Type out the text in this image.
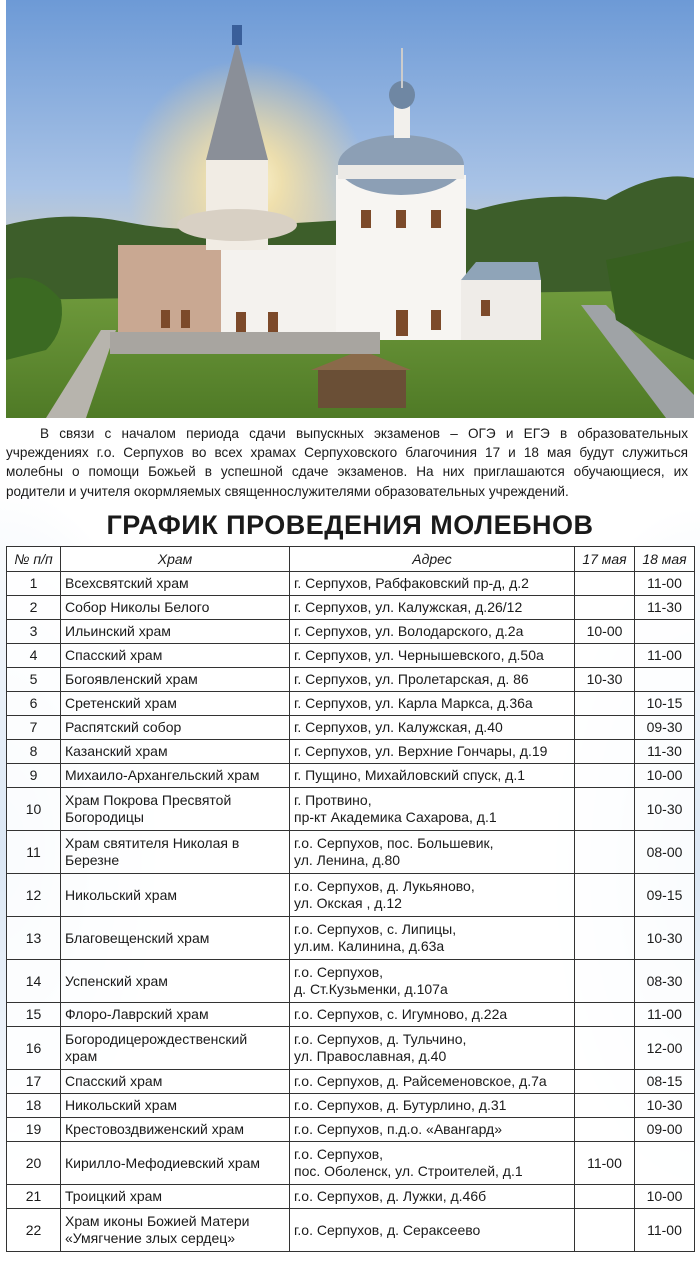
В связи с началом периода сдачи выпускных экзаменов – ОГЭ и ЕГЭ в образовательных учреждениях г.о. Серпухов во всех храмах Серпуховского благочиния 17 и 18 мая будут служиться молебны о помощи Божьей в успешной сдаче экзаменов. На них приглашаются обучающиеся, их родители и учителя окормляемых священнослужителями образовательных учреждений.

ГРАФИК ПРОВЕДЕНИЯ МОЛЕБНОВ
№ п/п	Храм	Адрес	17 мая	18 мая
1	Всехсвятский храм	г. Серпухов, Рабфаковский пр-д, д.2		11-00
2	Собор Николы Белого	г. Серпухов, ул. Калужская, д.26/12		11-30
3	Ильинский храм	г. Серпухов, ул. Володарского, д.2а	10-00	
4	Спасский храм	г. Серпухов, ул. Чернышевского, д.50а		11-00
5	Богоявленский храм	г. Серпухов, ул. Пролетарская, д. 86	10-30	
6	Сретенский храм	г. Серпухов, ул. Карла Маркса, д.36а		10-15
7	Распятский собор	г. Серпухов, ул. Калужская, д.40		09-30
8	Казанский храм	г. Серпухов, ул. Верхние Гончары, д.19		11-30
9	Михаило-Архангельский храм	г. Пущино, Михайловский спуск, д.1		10-00
10	Храм Покрова Пресвятой
Богородицы	г. Протвино,
пр-кт Академика Сахарова, д.1		10-30
11	Храм святителя Николая в
Березне	г.о. Серпухов, пос. Большевик,
ул. Ленина, д.80		08-00
12	Никольский храм	г.о. Серпухов, д. Лукьяново,
ул. Окская , д.12		09-15
13	Благовещенский храм	г.о. Серпухов, с. Липицы,
ул.им. Калинина, д.63а		10-30
14	Успенский храм	г.о. Серпухов,
д. Ст.Кузьменки, д.107а		08-30
15	Флоро-Лаврский храм	г.о. Серпухов, с. Игумново, д.22а		11-00
16	Богородицерождественский
храм	г.о. Серпухов, д. Тульчино,
ул. Православная, д.40		12-00
17	Спасский храм	г.о. Серпухов, д. Райсеменовское, д.7а		08-15
18	Никольский храм	г.о. Серпухов, д. Бутурлино, д.31		10-30
19	Крестовоздвиженский храм	г.о. Серпухов, п.д.о. «Авангард»		09-00
20	Кирилло-Мефодиевский храм	г.о. Серпухов,
пос. Оболенск, ул. Строителей, д.1	11-00	
21	Троицкий храм	г.о. Серпухов, д. Лужки, д.46б		10-00
22	Храм иконы Божией Матери
«Умягчение злых сердец»	г.о. Серпухов, д. Сераксеево		11-00
